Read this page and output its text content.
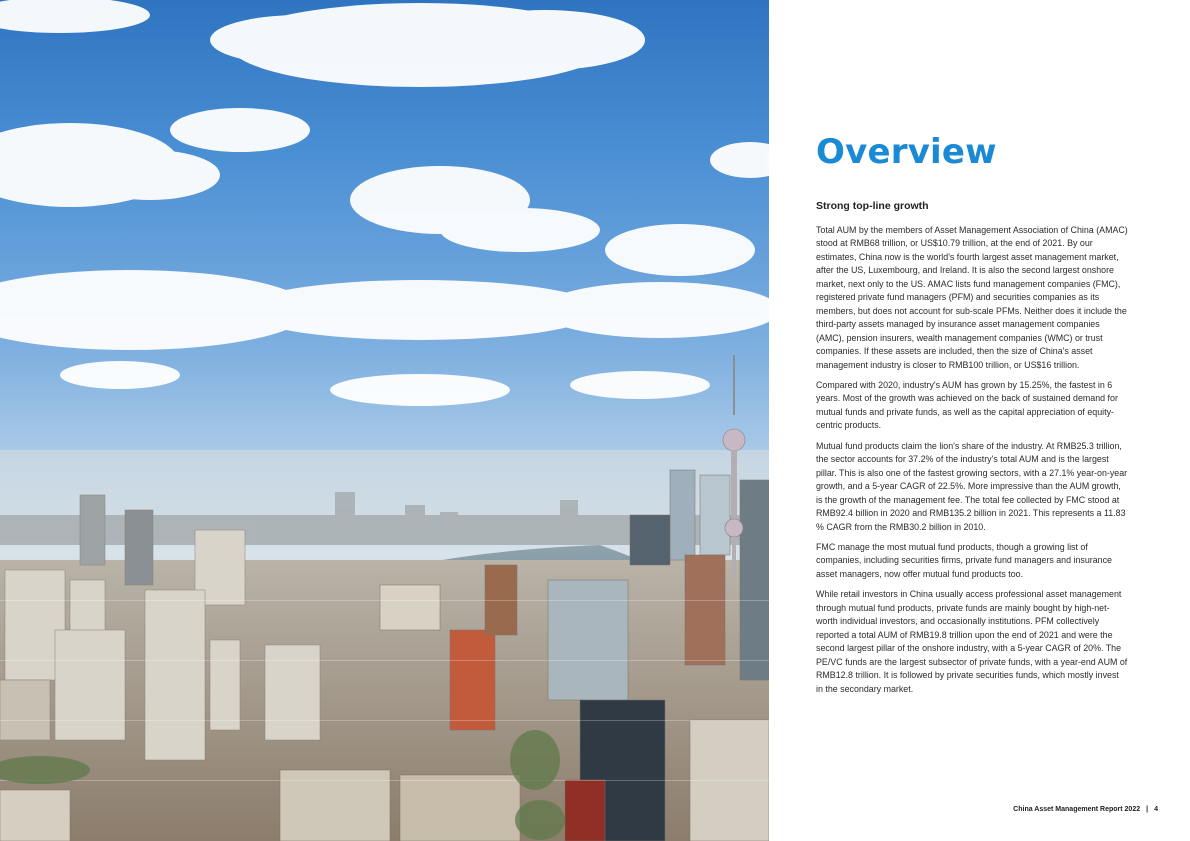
Overview
Strong top-line growth

Total AUM by the members of Asset Management Association of China (AMAC) stood at RMB68 trillion, or US$10.79 trillion, at the end of 2021. By our estimates, China now is the world's fourth largest asset management market, after the US, Luxembourg, and Ireland. It is also the second largest onshore market, next only to the US. AMAC lists fund management companies (FMC), registered private fund managers (PFM) and securities companies as its members, but does not account for sub-scale PFMs. Neither does it include the third-party assets managed by insurance asset management companies (AMC), pension insurers, wealth management companies (WMC) or trust companies. If these assets are included, then the size of China's asset management industry is closer to RMB100 trillion, or US$16 trillion.

Compared with 2020, industry's AUM has grown by 15.25%, the fastest in 6 years. Most of the growth was achieved on the back of sustained demand for mutual funds and private funds, as well as the capital appreciation of equity-centric products.

Mutual fund products claim the lion's share of the industry. At RMB25.3 trillion, the sector accounts for 37.2% of the industry's total AUM and is the largest pillar. This is also one of the fastest growing sectors, with a 27.1% year-on-year growth, and a 5-year CAGR of 22.5%. More impressive than the AUM growth, is the growth of the management fee. The total fee collected by FMC stood at RMB92.4 billion in 2020 and RMB135.2 billion in 2021. This represents a 11.83 % CAGR from the RMB30.2 billion in 2010.

FMC manage the most mutual fund products, though a growing list of companies, including securities firms, private fund managers and insurance asset managers, now offer mutual fund products too.

While retail investors in China usually access professional asset management through mutual fund products, private funds are mainly bought by high-net-worth individual investors, and occasionally institutions. PFM collectively reported a total AUM of RMB19.8 trillion upon the end of 2021 and were the second largest pillar of the onshore industry, with a 5-year CAGR of 20%. The PE/VC funds are the largest subsector of private funds, with a year-end AUM of RMB12.8 trillion. It is followed by private securities funds, which mostly invest in the secondary market.

China Asset Management Report 2022 | 4
